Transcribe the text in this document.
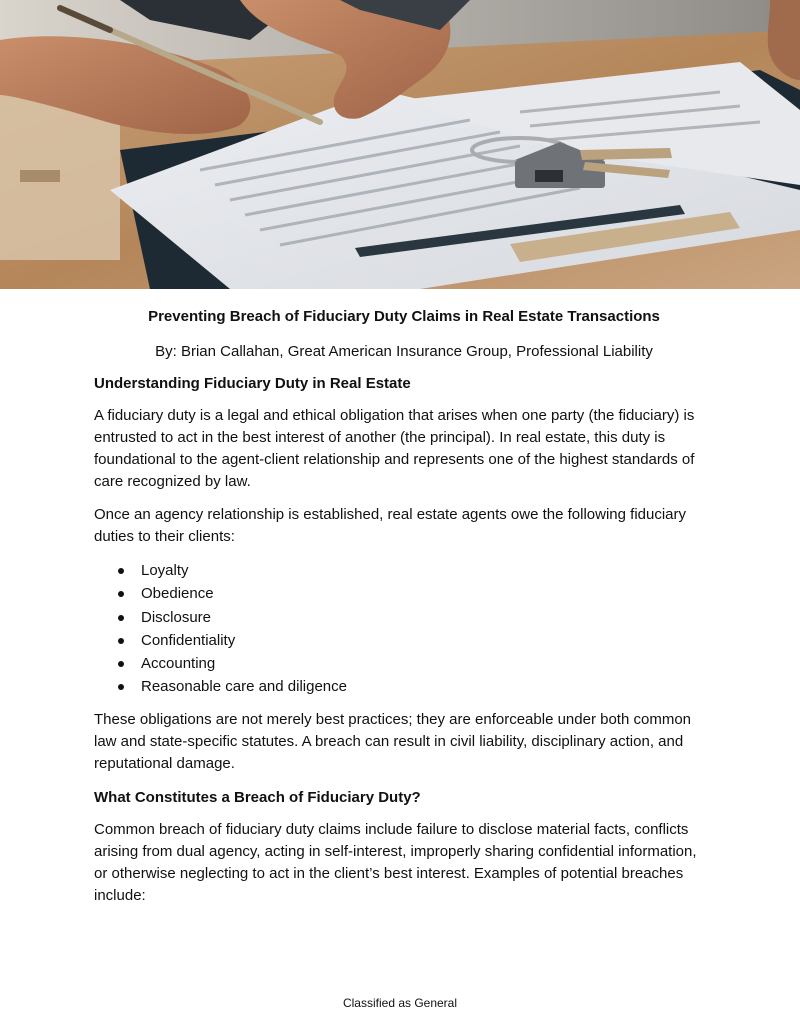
Preventing Breach of Fiduciary Duty Claims in Real Estate Transactions
By: Brian Callahan, Great American Insurance Group, Professional Liability
Understanding Fiduciary Duty in Real Estate
A fiduciary duty is a legal and ethical obligation that arises when one party (the fiduciary) is entrusted to act in the best interest of another (the principal). In real estate, this duty is foundational to the agent-client relationship and represents one of the highest standards of care recognized by law.
Once an agency relationship is established, real estate agents owe the following fiduciary duties to their clients:
Loyalty
Obedience
Disclosure
Confidentiality
Accounting
Reasonable care and diligence
These obligations are not merely best practices; they are enforceable under both common law and state-specific statutes. A breach can result in civil liability, disciplinary action, and reputational damage.
What Constitutes a Breach of Fiduciary Duty?
Common breach of fiduciary duty claims include failure to disclose material facts, conflicts arising from dual agency, acting in self-interest, improperly sharing confidential information, or otherwise neglecting to act in the client’s best interest. Examples of potential breaches include:
Classified as General
